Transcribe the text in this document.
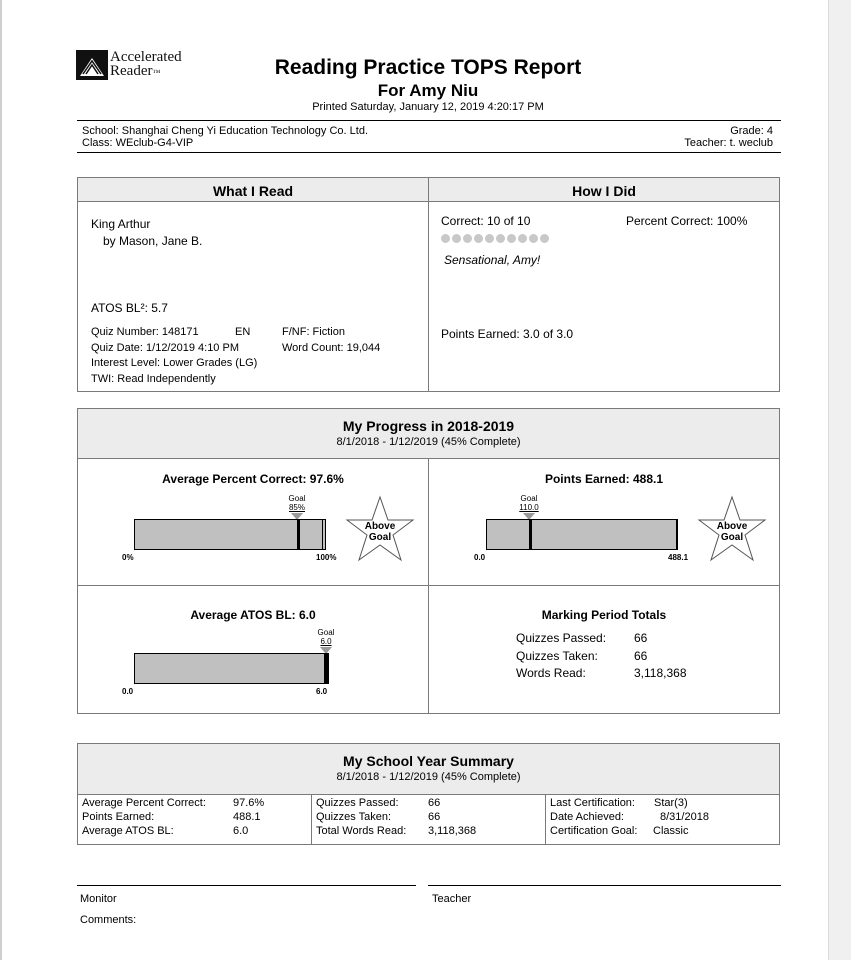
Accelerated
Reader™	Reading Practice TOPS Report
For Amy Niu
Printed Saturday, January 12, 2019 4:20:17 PM
School: Shanghai Cheng Yi Education Technology Co. Ltd.
Class: WEclub-G4-VIP
Grade: 4
Teacher: t. weclub
What I Read	How I Did
King Arthur
by Mason, Jane B.
ATOS BL²: 5.7
Quiz Number: 148171	EN	F/NF: Fiction
Quiz Date: 1/12/2019 4:10 PM	Word Count: 19,044
Interest Level: Lower Grades (LG)
TWI: Read Independently
Correct: 10 of 10	Percent Correct: 100%
Sensational, Amy!
Points Earned: 3.0 of 3.0
My Progress in 2018-2019
8/1/2018 - 1/12/2019 (45% Complete)
Average Percent Correct: 97.6%
Goal
85%
0%	100%
Above Goal
Points Earned: 488.1
Goal
110.0
0.0	488.1
Above Goal
Average ATOS BL: 6.0
Goal
6.0
0.0	6.0
Marking Period Totals
Quizzes Passed: 66
Quizzes Taken:	66
Words Read:	3,118,368
My School Year Summary
8/1/2018 - 1/12/2019 (45% Complete)
Average Percent Correct: 97.6%
Points Earned:	488.1
Average ATOS BL:	6.0
Quizzes Passed:	66
Quizzes Taken:	66
Total Words Read: 3,118,368
Last Certification: Star(3)
Date Achieved:	8/31/2018
Certification Goal: Classic
Monitor	Teacher
Comments:
